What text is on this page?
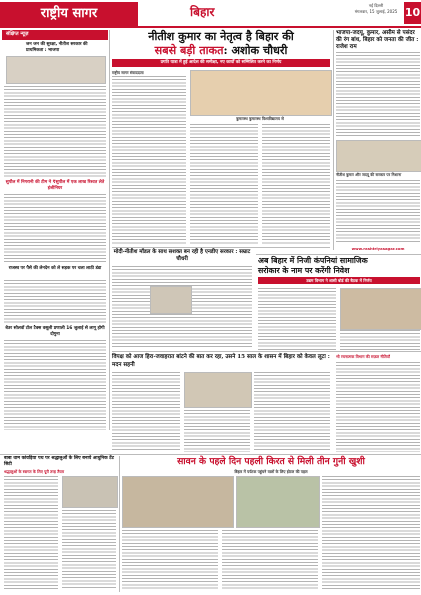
राष्ट्रीय सागर	बिहार	नई दिल्ली
मंगलवार, 15 जुलाई, 2025 10
संक्षिप्त न्यूज़
जन जन की सुरक्षा, नीतीश सरकार की प्राथमिकता : भाजपा
सुपौल में निगरानी की टीम ने ₹सुपौल में एक लाख रिश्वत लेते इंजीनियर
राजस्व पर पैसे की लेनदेन को ले सड़क पर चला लाठी डंडा
बेउर सोलवॉ टोल टैक्स वसूली प्रणाली 16 जुलाई से लागू होगी दोगुना
नीतीश कुमार का नेतृत्व है बिहार की
सबसे बड़ी ताकत: अशोक चौधरी
प्रगति यात्रा में हुई आदेश की समीक्षा, नए कार्यों को सम्मिलित करने का निर्णय
राष्ट्रीय सागर संवाददाता
कुमारस्थ कुमारस्थ विश्वविद्यालय से
मोदी-नीतीश मॉडल के साथ सशक्त बन रही है एनडीए सरकार : सम्राट चौधरी
भाजपा-जदयू, कुमार, असीम से पसंदर की रंग बांध, बिहार को जनता की जीत : राजेश राम
नीतीश कुमार और जदयू की सरकार पर निशाना
www.rashtriyasagar.com
अब बिहार में निजी कंपनियां सामाजिक
सरोकार के नाम पर करेंगी निवेश
उद्यम विभाग ने शासी बोर्ड की बैठक में निर्णय
विपक्ष को आज हिरा-जवाहरात बांटने की बात कर रहा, उसने 15 साल के शासन में बिहार को केवल लूटा : मदन सहनी
भी रचनात्मक विभाग की सफ़ल नीतियाँ
बाबा धाम कांवड़िया पथ पर श्रद्धालुओं के लिए बनाये आधुनिक टेंट सिटी
श्रद्धालुओं के स्वागत के लिए पूरी तरह तैयार
सावन के पहले दिन पहली किरत से मिली तीन गुनी खुशी
बिहार में पर्यटक पहुंचने वालों के लिए होटल की पहल
